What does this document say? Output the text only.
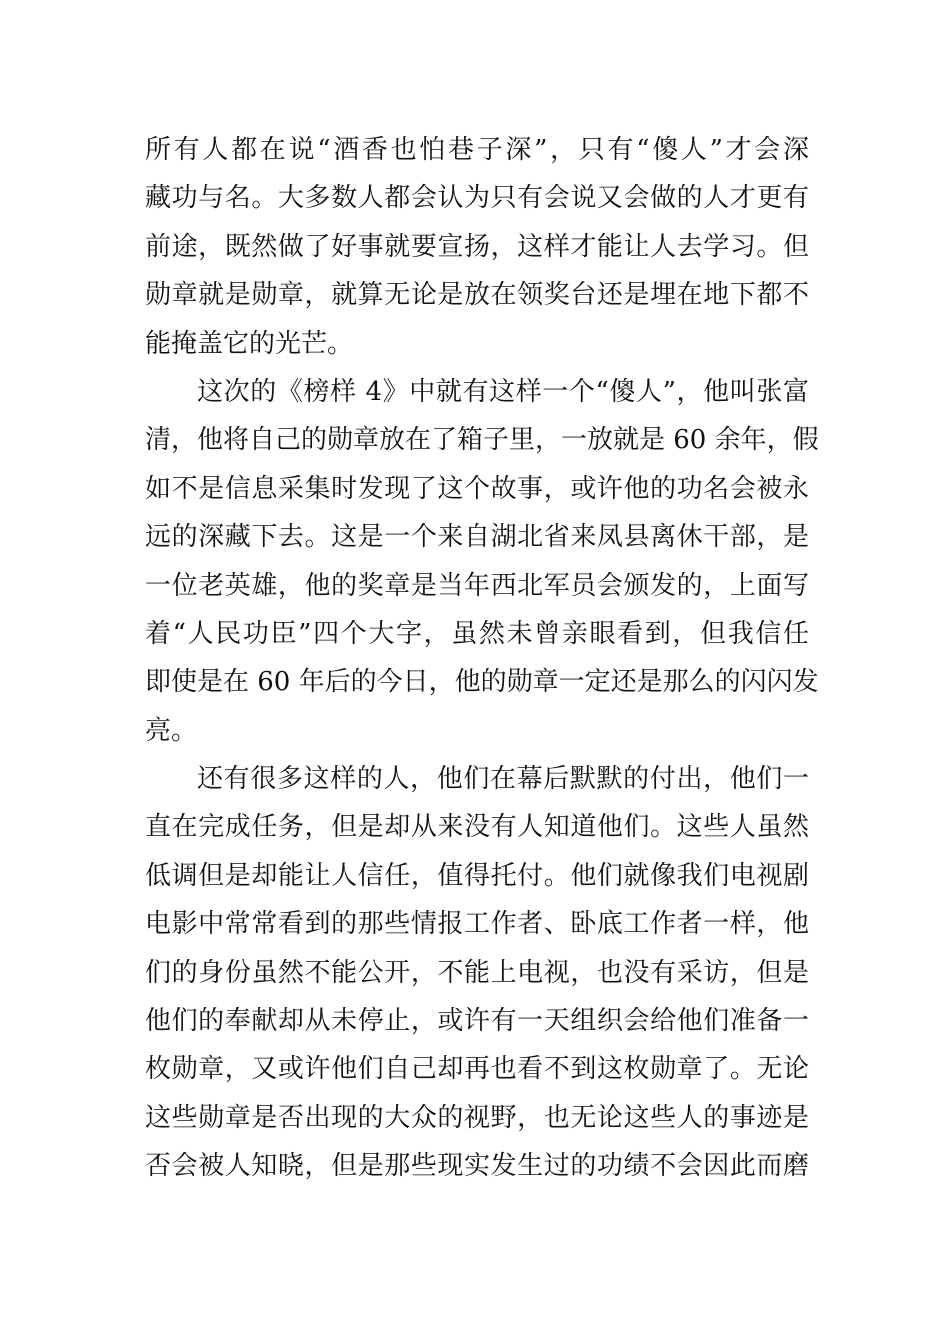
所有人都在说“酒香也怕巷子深”，只有“傻人”才会深
藏功与名。大多数人都会认为只有会说又会做的人才更有
前途，既然做了好事就要宣扬，这样才能让人去学习。但
勋章就是勋章，就算无论是放在领奖台还是埋在地下都不
能掩盖它的光芒。
这次的《榜样 4》中就有这样一个“傻人”，他叫张富
清，他将自己的勋章放在了箱子里，一放就是 60 余年，假
如不是信息采集时发现了这个故事，或许他的功名会被永
远的深藏下去。这是一个来自湖北省来凤县离休干部，是
一位老英雄，他的奖章是当年西北军员会颁发的，上面写
着“人民功臣”四个大字，虽然未曾亲眼看到，但我信任
即使是在 60 年后的今日，他的勋章一定还是那么的闪闪发
亮。
还有很多这样的人，他们在幕后默默的付出，他们一
直在完成任务，但是却从来没有人知道他们。这些人虽然
低调但是却能让人信任，值得托付。他们就像我们电视剧
电影中常常看到的那些情报工作者、卧底工作者一样，他
们的身份虽然不能公开，不能上电视，也没有采访，但是
他们的奉献却从未停止，或许有一天组织会给他们准备一
枚勋章，又或许他们自己却再也看不到这枚勋章了。无论
这些勋章是否出现的大众的视野，也无论这些人的事迹是
否会被人知晓，但是那些现实发生过的功绩不会因此而磨
